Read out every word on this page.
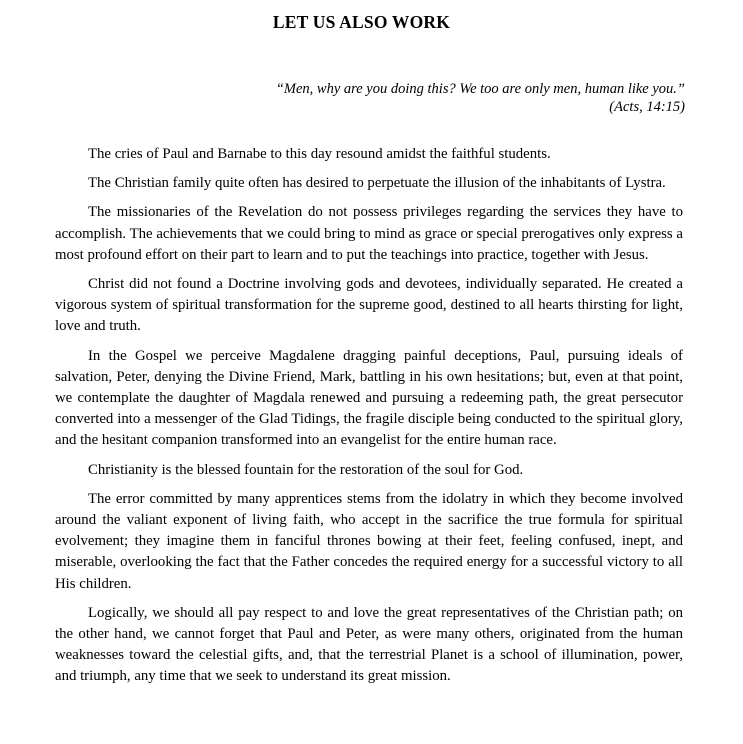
LET US ALSO WORK
“Men, why are you doing this? We too are only men, human like you.”
(Acts, 14:15)

The cries of Paul and Barnabe to this day resound amidst the faithful students.

The Christian family quite often has desired to perpetuate the illusion of the inhabitants of Lystra.

The missionaries of the Revelation do not possess privileges regarding the services they have to accomplish. The achievements that we could bring to mind as grace or special prerogatives only express a most profound effort on their part to learn and to put the teachings into practice, together with Jesus.

Christ did not found a Doctrine involving gods and devotees, individually separated. He created a vigorous system of spiritual transformation for the supreme good, destined to all hearts thirsting for light, love and truth.

In the Gospel we perceive Magdalene dragging painful deceptions, Paul, pursuing ideals of salvation, Peter, denying the Divine Friend, Mark, battling in his own hesitations; but, even at that point, we contemplate the daughter of Magdala renewed and pursuing a redeeming path, the great persecutor converted into a messenger of the Glad Tidings, the fragile disciple being conducted to the spiritual glory, and the hesitant companion transformed into an evangelist for the entire human race.

Christianity is the blessed fountain for the restoration of the soul for God.

The error committed by many apprentices stems from the idolatry in which they become involved around the valiant exponent of living faith, who accept in the sacrifice the true formula for spiritual evolvement; they imagine them in fanciful thrones bowing at their feet, feeling confused, inept, and miserable, overlooking the fact that the Father concedes the required energy for a successful victory to all His children.

Logically, we should all pay respect to and love the great representatives of the Christian path; on the other hand, we cannot forget that Paul and Peter, as were many others, originated from the human weaknesses toward the celestial gifts, and, that the terrestrial Planet is a school of illumination, power, and triumph, any time that we seek to understand its great mission.
